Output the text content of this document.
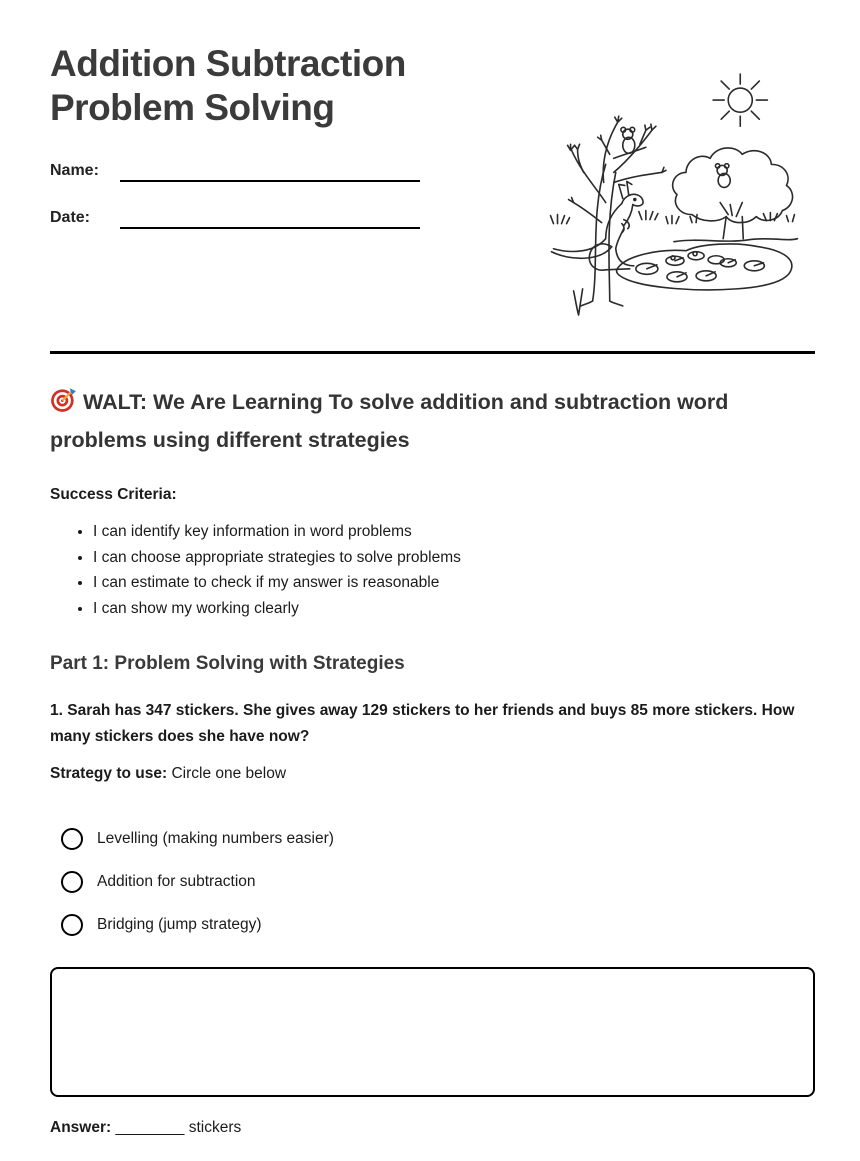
Addition Subtraction Problem Solving
Name:
Date:
WALT: We Are Learning To solve addition and subtraction word problems using different strategies
Success Criteria:
• I can identify key information in word problems
• I can choose appropriate strategies to solve problems
• I can estimate to check if my answer is reasonable
• I can show my working clearly
Part 1: Problem Solving with Strategies
1. Sarah has 347 stickers. She gives away 129 stickers to her friends and buys 85 more stickers. How many stickers does she have now?
Strategy to use: Circle one below
Levelling (making numbers easier)
Addition for subtraction
Bridging (jump strategy)
Answer: ________ stickers
